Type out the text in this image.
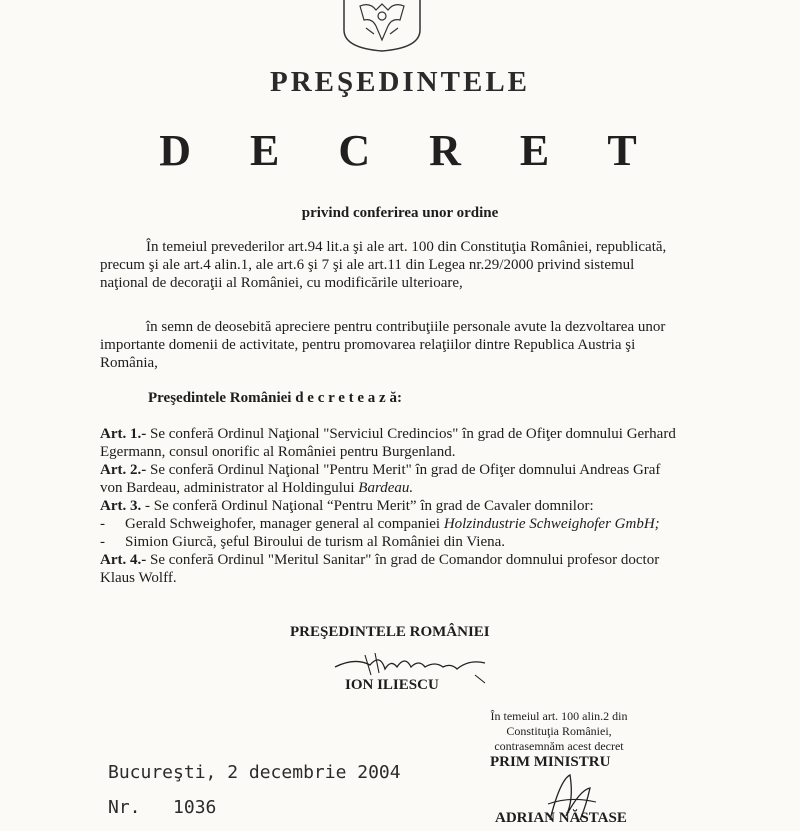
PREŞEDINTELE
D E C R E T
privind conferirea unor ordine
În temeiul prevederilor art.94 lit.a şi ale art. 100 din Constituţia României, republicată, precum şi ale art.4 alin.1, ale art.6 şi 7 şi ale art.11 din Legea nr.29/2000 privind sistemul naţional de decoraţii al României, cu modificările ulterioare,
în semn de deosebită apreciere pentru contribuţiile personale avute la dezvoltarea unor importante domenii de activitate, pentru promovarea relaţiilor dintre Republica Austria şi România,
Preşedintele României d e c r e t e a z ă:
Art. 1.- Se conferă Ordinul Naţional "Serviciul Credincios" în grad de Ofiţer domnului Gerhard Egermann, consul onorific al României pentru Burgenland.
Art. 2.- Se conferă Ordinul Naţional "Pentru Merit" în grad de Ofiţer domnului Andreas Graf von Bardeau, administrator al Holdingului Bardeau.
Art. 3. - Se conferă Ordinul Naţional “Pentru Merit” în grad de Cavaler domnilor:
-	Gerald Schweighofer, manager general al companiei Holzindustrie Schweighofer GmbH;
-	Simion Giurcă, şeful Biroului de turism al României din Viena.
Art. 4.- Se conferă Ordinul "Meritul Sanitar" în grad de Comandor domnului profesor doctor Klaus Wolff.
PREŞEDINTELE ROMÂNIEI
ION ILIESCU
În temeiul art. 100 alin.2 din Constituţia României, contrasemnăm acest decret
PRIM MINISTRU
ADRIAN NĂSTASE
Bucureşti, 2 decembrie 2004
Nr. 1036
